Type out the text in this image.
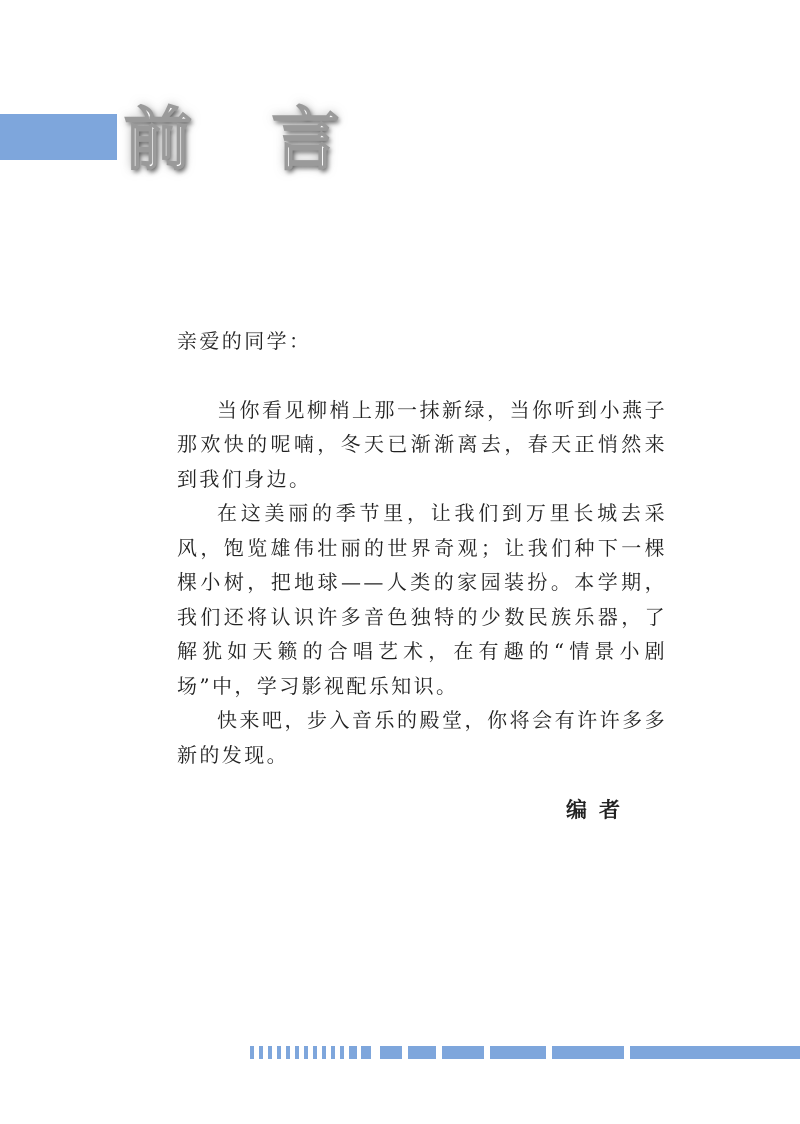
前 言

亲爱的同学：

当你看见柳梢上那一抹新绿，当你听到小燕子那欢快的呢喃，冬天已渐渐离去，春天正悄然来到我们身边。

在这美丽的季节里，让我们到万里长城去采风，饱览雄伟壮丽的世界奇观；让我们种下一棵棵小树，把地球——人类的家园装扮。本学期，我们还将认识许多音色独特的少数民族乐器，了解犹如天籁的合唱艺术，在有趣的“情景小剧场”中，学习影视配乐知识。

快来吧，步入音乐的殿堂，你将会有许许多多新的发现。

编者
